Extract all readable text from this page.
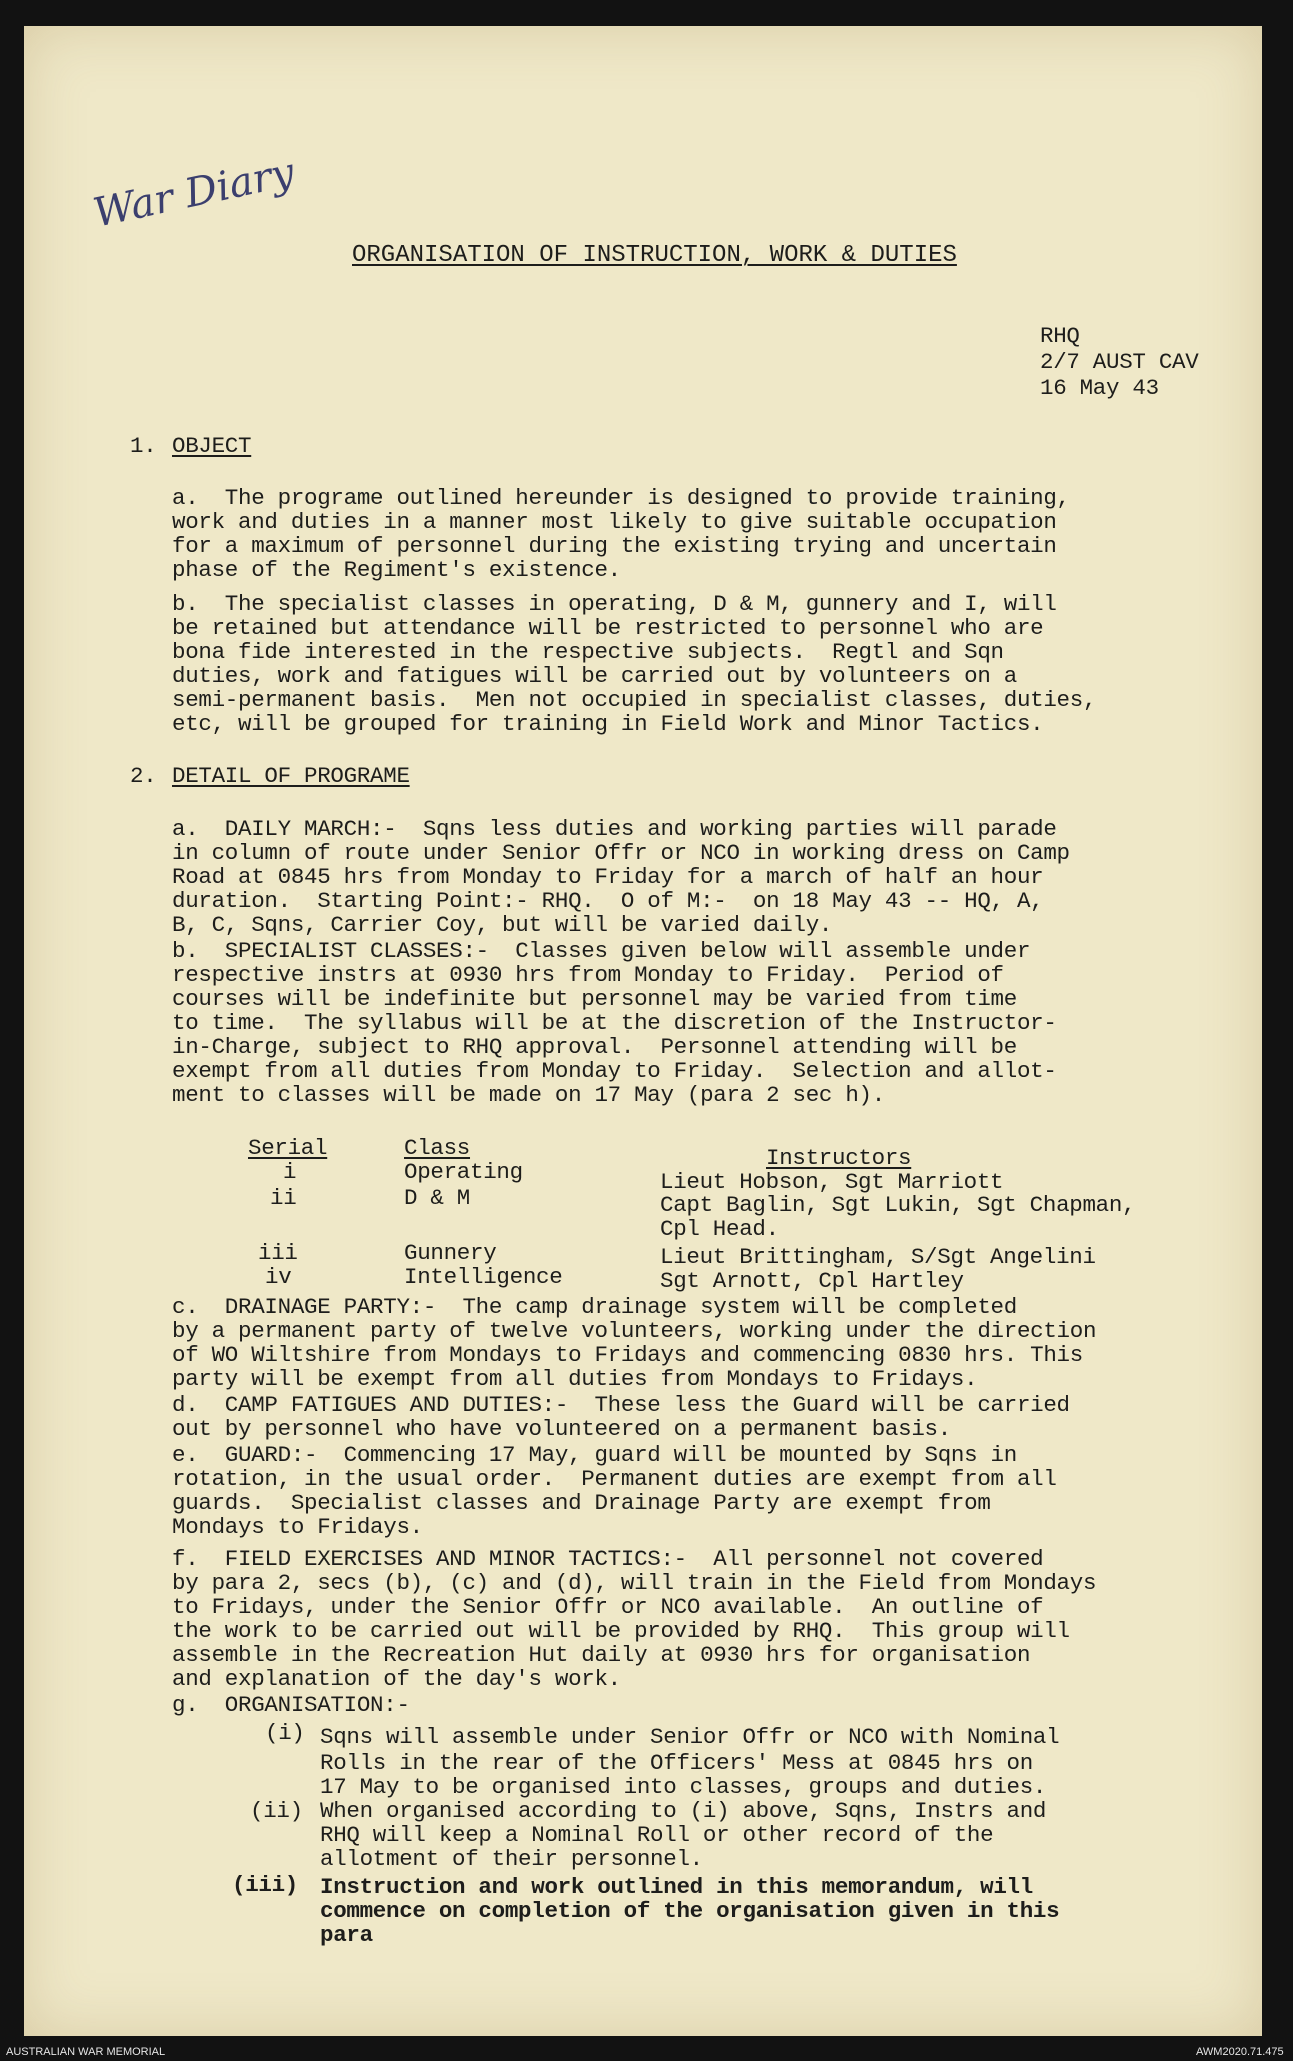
War Diary
ORGANISATION OF INSTRUCTION, WORK & DUTIES
RHQ
2/7 AUST CAV
16 May 43
1. OBJECT
a.  The programe outlined hereunder is designed to provide training,
work and duties in a manner most likely to give suitable occupation
for a maximum of personnel during the existing trying and uncertain
phase of the Regiment's existence.
b.  The specialist classes in operating, D & M, gunnery and I, will
be retained but attendance will be restricted to personnel who are
bona fide interested in the respective subjects.  Regtl and Sqn
duties, work and fatigues will be carried out by volunteers on a
semi-permanent basis.  Men not occupied in specialist classes, duties,
etc, will be grouped for training in Field Work and Minor Tactics.
2. DETAIL OF PROGRAME
a.  DAILY MARCH:-  Sqns less duties and working parties will parade
in column of route under Senior Offr or NCO in working dress on Camp
Road at 0845 hrs from Monday to Friday for a march of half an hour
duration.  Starting Point:- RHQ.  O of M:-  on 18 May 43 -- HQ, A,
B, C, Sqns, Carrier Coy, but will be varied daily.
b.  SPECIALIST CLASSES:-  Classes given below will assemble under
respective instrs at 0930 hrs from Monday to Friday.  Period of
courses will be indefinite but personnel may be varied from time
to time.  The syllabus will be at the discretion of the Instructor-
in-Charge, subject to RHQ approval.  Personnel attending will be
exempt from all duties from Monday to Friday.  Selection and allot-
ment to classes will be made on 17 May (para 2 sec h).
Serial	Class	Instructors
i	Operating	Lieut Hobson, Sgt Marriott
ii	D & M	Capt Baglin, Sgt Lukin, Sgt Chapman,
Cpl Head.
iii	Gunnery	Lieut Brittingham, S/Sgt Angelini
iv	Intelligence	Sgt Arnott, Cpl Hartley
c.  DRAINAGE PARTY:-  The camp drainage system will be completed
by a permanent party of twelve volunteers, working under the direction
of WO Wiltshire from Mondays to Fridays and commencing 0830 hrs. This
party will be exempt from all duties from Mondays to Fridays.
d.  CAMP FATIGUES AND DUTIES:-  These less the Guard will be carried
out by personnel who have volunteered on a permanent basis.
e.  GUARD:-  Commencing 17 May, guard will be mounted by Sqns in
rotation, in the usual order.  Permanent duties are exempt from all
guards.  Specialist classes and Drainage Party are exempt from
Mondays to Fridays.
f.  FIELD EXERCISES AND MINOR TACTICS:-  All personnel not covered
by para 2, secs (b), (c) and (d), will train in the Field from Mondays
to Fridays, under the Senior Offr or NCO available.  An outline of
the work to be carried out will be provided by RHQ.  This group will
assemble in the Recreation Hut daily at 0930 hrs for organisation
and explanation of the day's work.
g.  ORGANISATION:-
(i) Sqns will assemble under Senior Offr or NCO with Nominal
Rolls in the rear of the Officers' Mess at 0845 hrs on
17 May to be organised into classes, groups and duties.
(ii) When organised according to (i) above, Sqns, Instrs and
RHQ will keep a Nominal Roll or other record of the
allotment of their personnel.
(iii) Instruction and work outlined in this memorandum, will
commence on completion of the organisation given in this
para
AUSTRALIAN WAR MEMORIAL	AWM2020.71.475
